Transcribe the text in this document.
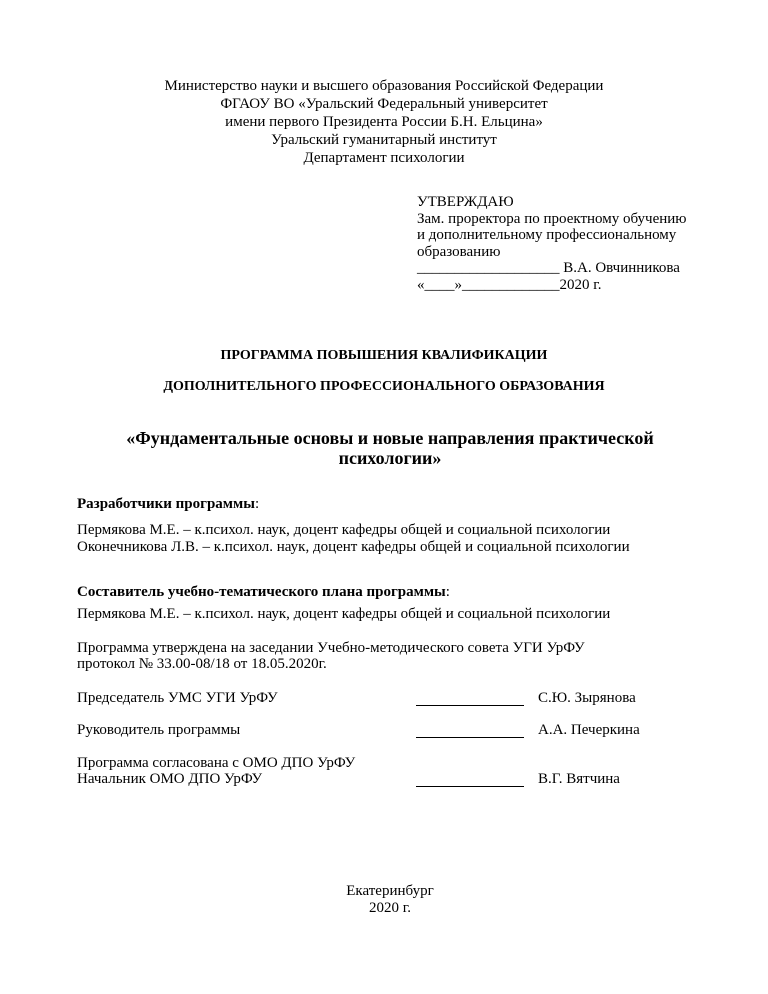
Министерство науки и высшего образования Российской Федерации
ФГАОУ ВО «Уральский Федеральный университет
имени первого Президента России Б.Н. Ельцина»
Уральский гуманитарный институт
Департамент психологии
УТВЕРЖДАЮ
Зам. проректора по проектному обучению
и дополнительному профессиональному
образованию
___________________ В.А. Овчинникова
«____»_____________2020 г.
ПРОГРАММА ПОВЫШЕНИЯ КВАЛИФИКАЦИИ
ДОПОЛНИТЕЛЬНОГО ПРОФЕССИОНАЛЬНОГО ОБРАЗОВАНИЯ
«Фундаментальные основы и новые направления практической
психологии»
Разработчики программы:
Пермякова М.Е. – к.психол. наук, доцент кафедры общей и социальной психологии
Оконечникова Л.В. – к.психол. наук, доцент кафедры общей и социальной психологии
Составитель учебно-тематического плана программы:
Пермякова М.Е. – к.психол. наук, доцент кафедры общей и социальной психологии
Программа утверждена на заседании Учебно-методического совета УГИ УрФУ
протокол № 33.00-08/18 от 18.05.2020г.
Председатель УМС УГИ УрФУ	С.Ю. Зырянова
Руководитель программы	А.А. Печеркина
Программа согласована с ОМО ДПО УрФУ
Начальник ОМО ДПО УрФУ	В.Г. Вятчина
Екатеринбург
2020 г.
